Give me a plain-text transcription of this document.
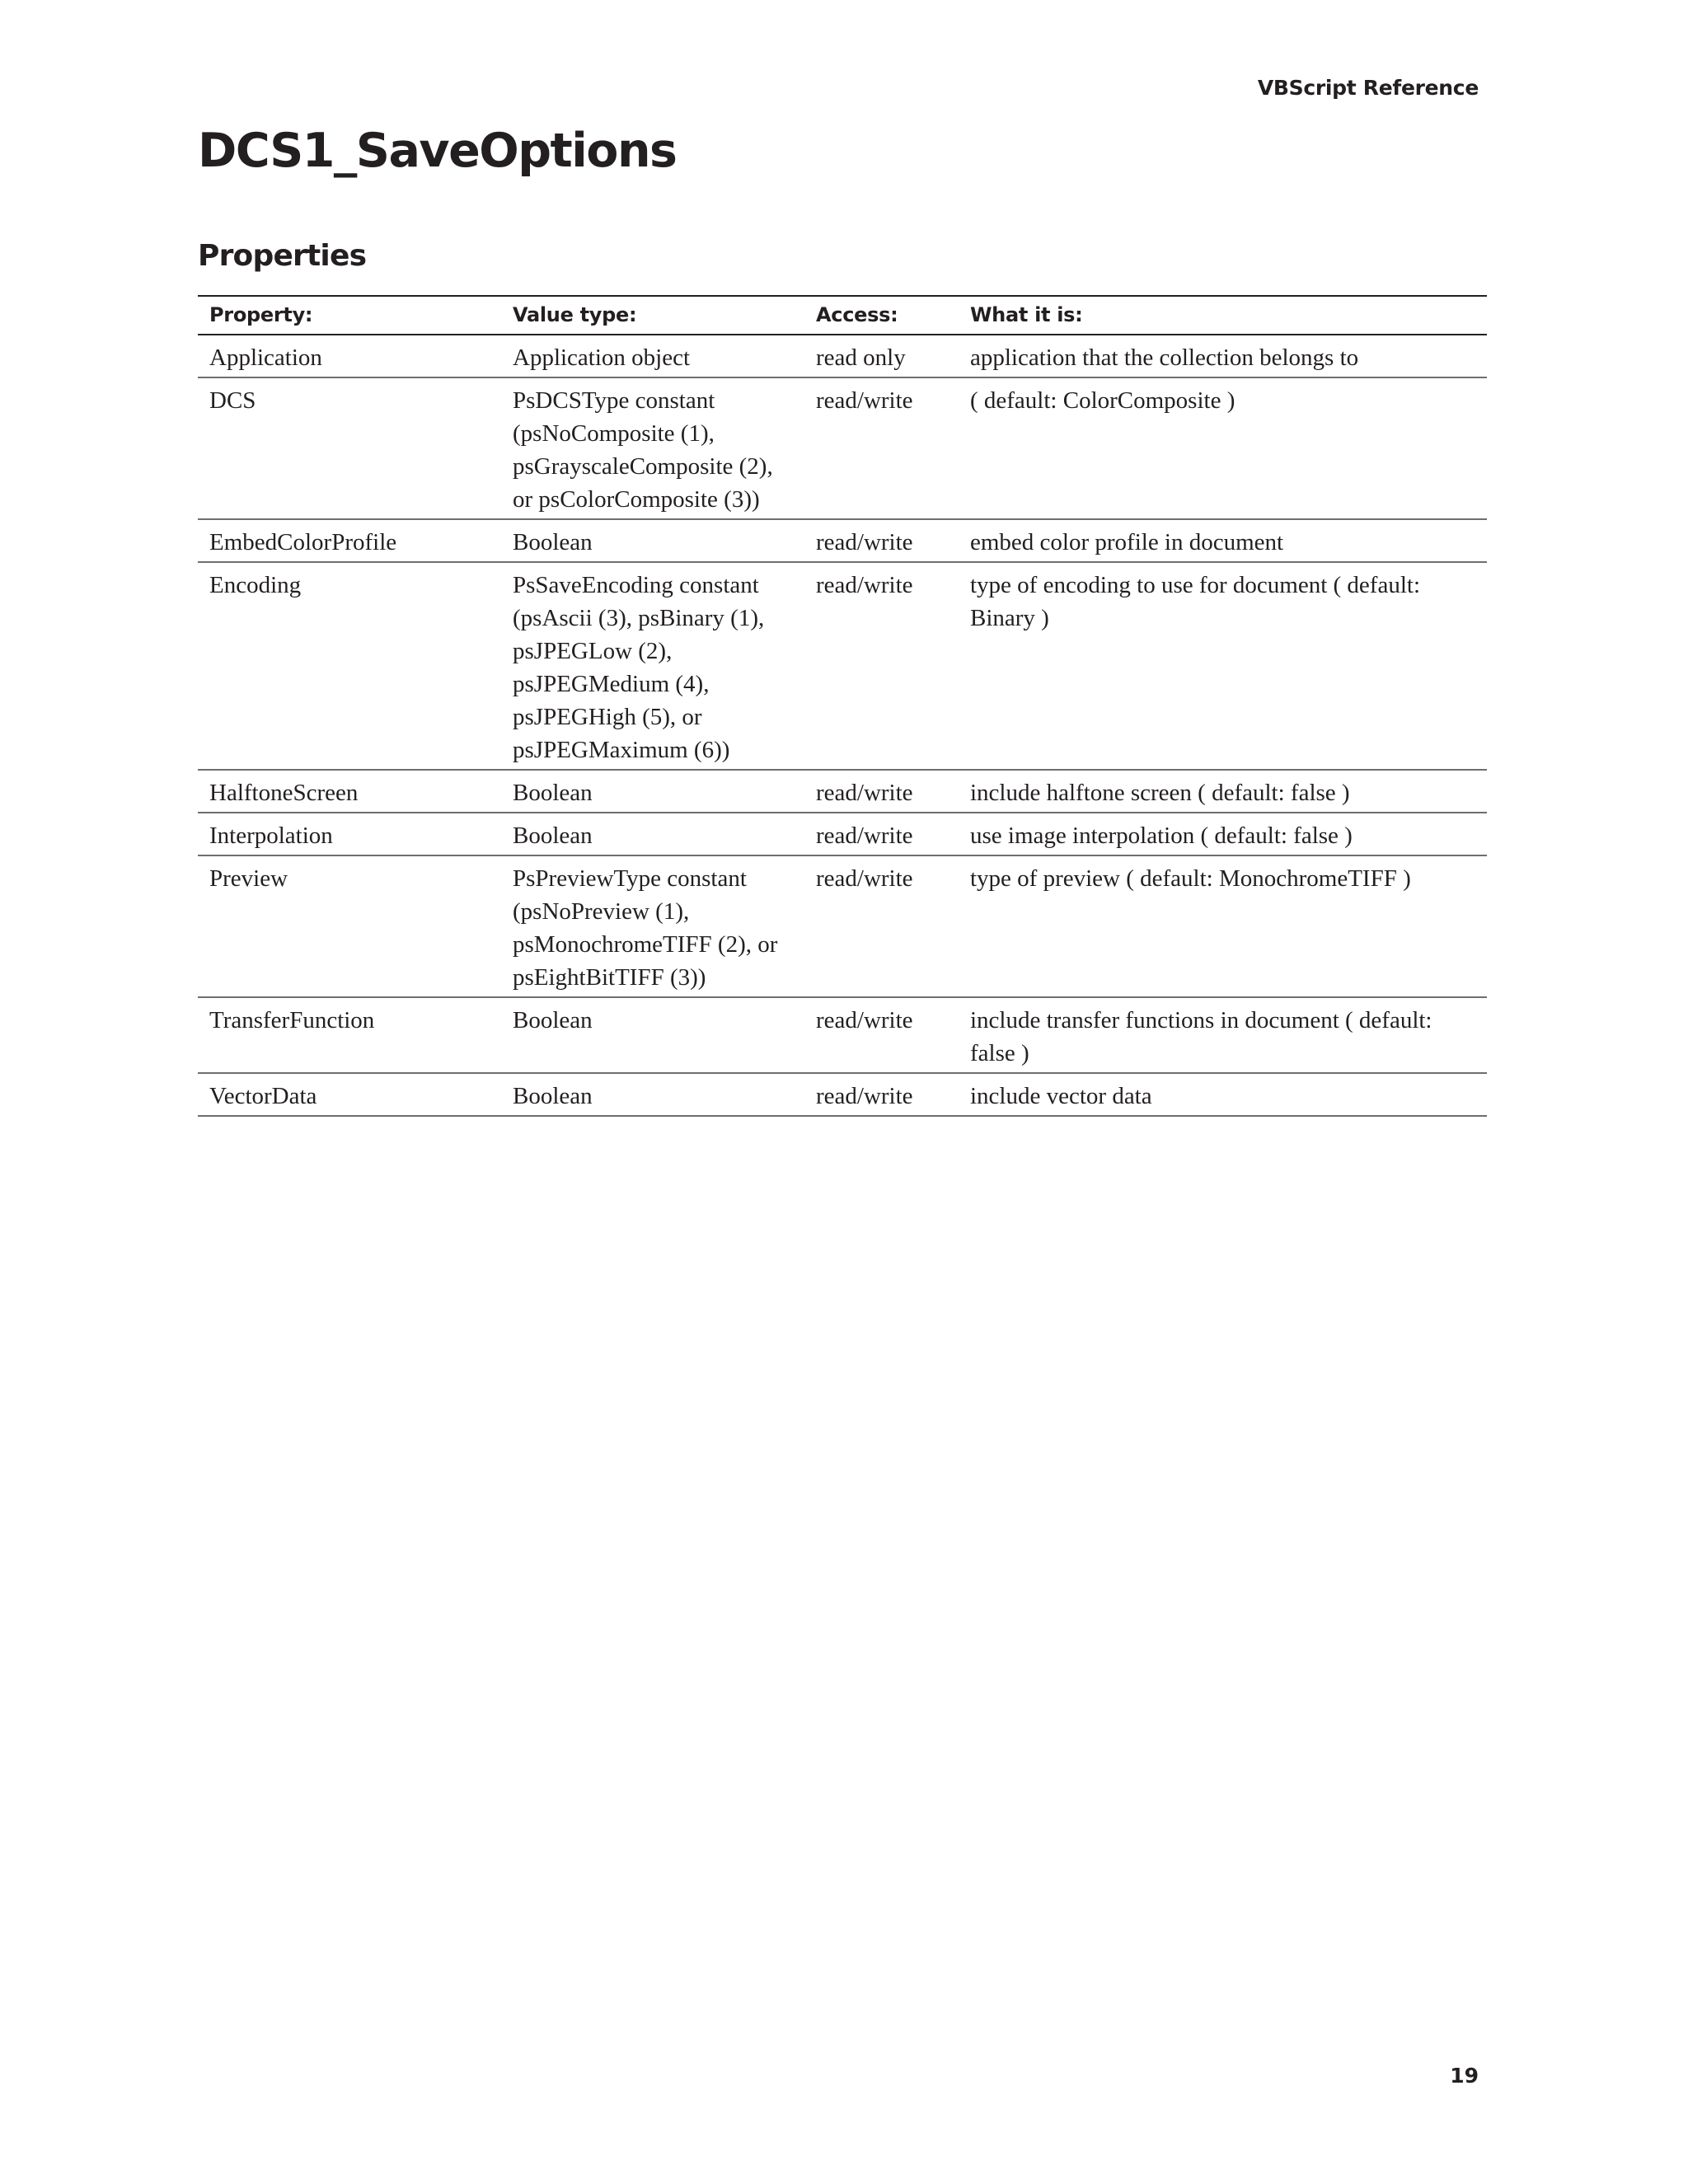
VBScript Reference
DCS1_SaveOptions
Properties
Property:	Value type:	Access:	What it is:
Application	Application object	read only	application that the collection belongs to
DCS	PsDCSType constant (psNoComposite (1), psGrayscaleComposite (2), or psColorComposite (3))	read/write	( default: ColorComposite )
EmbedColorProfile	Boolean	read/write	embed color profile in document
Encoding	PsSaveEncoding constant (psAscii (3), psBinary (1), psJPEGLow (2), psJPEGMedium (4), psJPEGHigh (5), or psJPEGMaximum (6))	read/write	type of encoding to use for document ( default: Binary )
HalftoneScreen	Boolean	read/write	include halftone screen ( default: false )
Interpolation	Boolean	read/write	use image interpolation ( default: false )
Preview	PsPreviewType constant (psNoPreview (1), psMonochromeTIFF (2), or psEightBitTIFF (3))	read/write	type of preview ( default: MonochromeTIFF )
TransferFunction	Boolean	read/write	include transfer functions in document ( default: false )
VectorData	Boolean	read/write	include vector data
19
